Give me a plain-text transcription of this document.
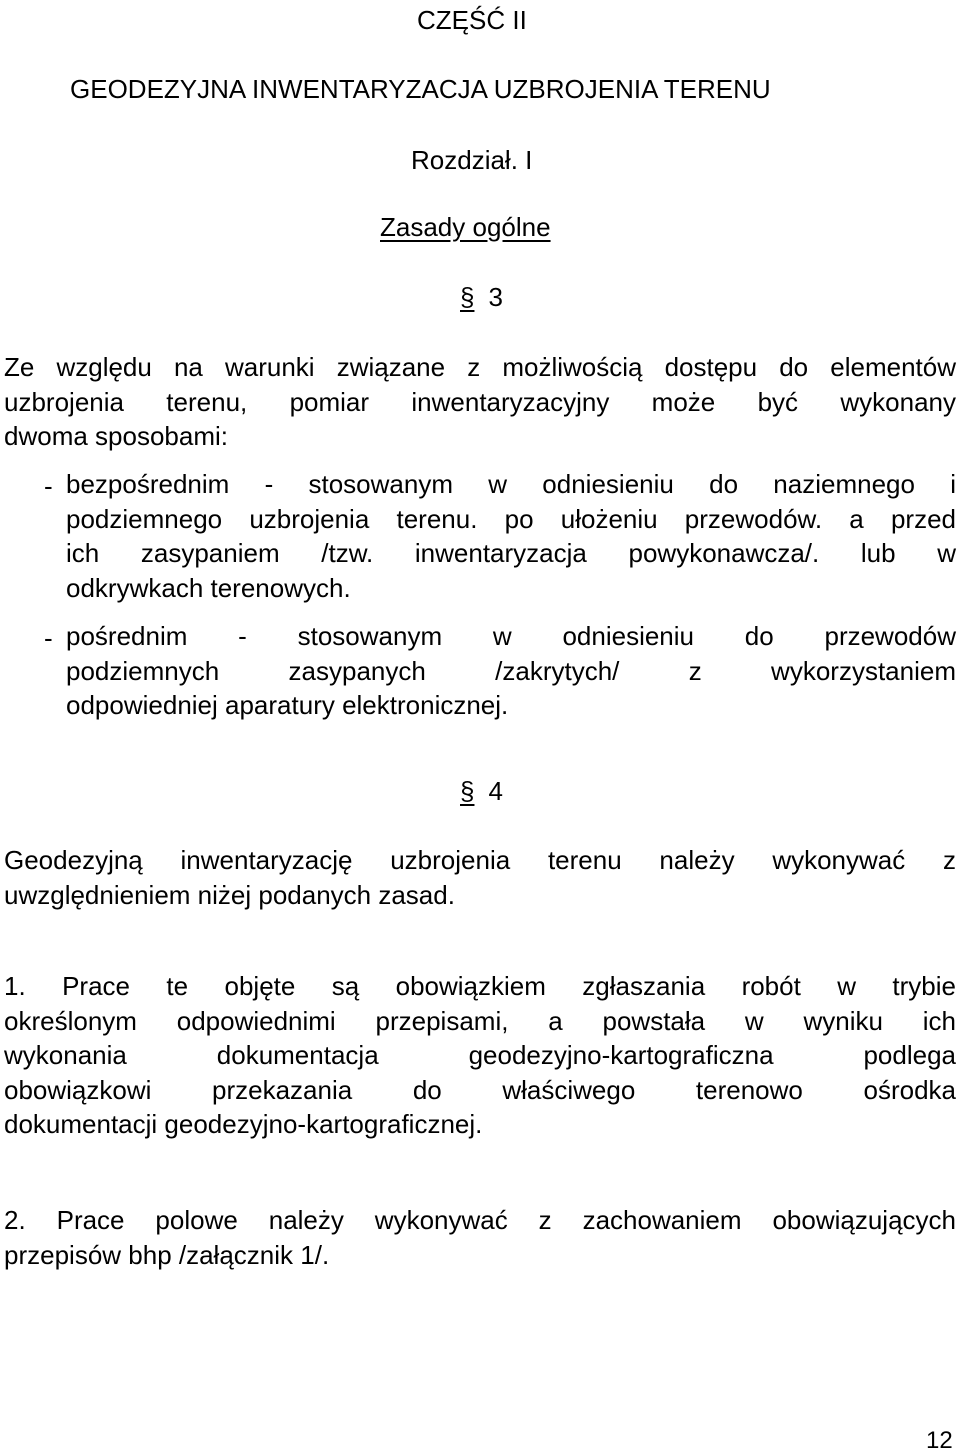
CZĘŚĆ II
GEODEZYJNA INWENTARYZACJA UZBROJENIA TERENU
Rozdział. I
Zasady ogólne
§ 3
Ze względu na warunki związane z możliwością dostępu do elementów
uzbrojenia terenu, pomiar inwentaryzacyjny może być wykonany
dwoma sposobami:
- bezpośrednim - stosowanym w odniesieniu do naziemnego i
podziemnego uzbrojenia terenu. po ułożeniu przewodów. a przed
ich zasypaniem /tzw. inwentaryzacja powykonawcza/. lub w
odkrywkach terenowych.
- pośrednim - stosowanym w odniesieniu do przewodów
podziemnych zasypanych /zakrytych/ z wykorzystaniem
odpowiedniej aparatury elektronicznej.
§ 4
Geodezyjną inwentaryzację uzbrojenia terenu należy wykonywać z
uwzględnieniem niżej podanych zasad.
1. Prace te objęte są obowiązkiem zgłaszania robót w trybie
określonym odpowiednimi przepisami, a powstała w wyniku ich
wykonania dokumentacja geodezyjno-kartograficzna podlega
obowiązkowi przekazania do właściwego terenowo ośrodka
dokumentacji geodezyjno-kartograficznej.
2. Prace polowe należy wykonywać z zachowaniem obowiązujących
przepisów bhp /załącznik 1/.
12
